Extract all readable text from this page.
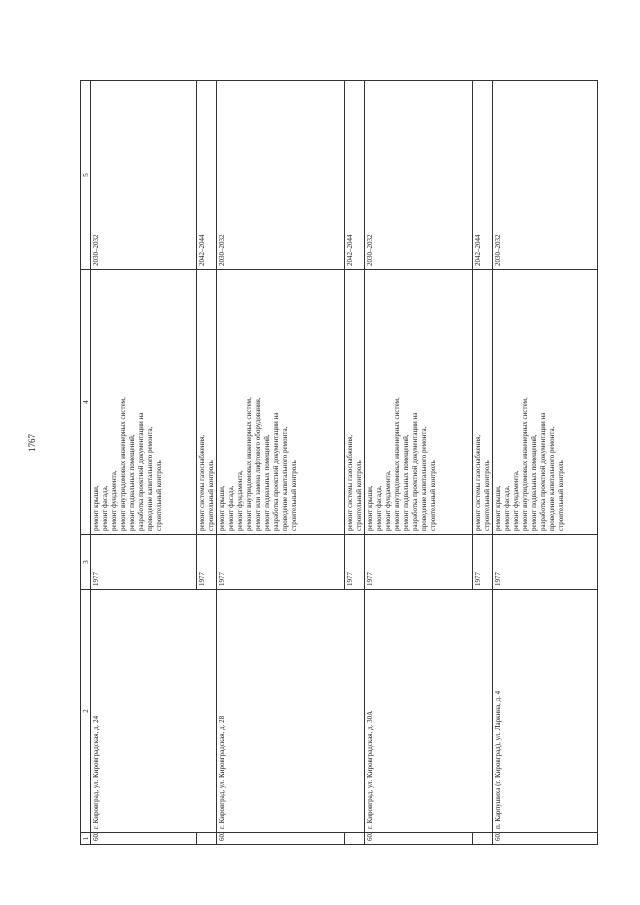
1767
1
2
3
4
5
6022.
г. Кировград, ул. Кировградская, д. 24
1977
ремонт крыши, ремонт фасада, ремонт фундамента, ремонт внутридомовых инженерных систем, ремонт подвальных помещений, разработка проектной документации на проведение капитального ремонта, строительный контроль
2030–2032
1977
ремонт системы газоснабжения, строительный контроль
2042–2044
6023.
г. Кировград, ул. Кировградская, д. 28
1977
ремонт крыши, ремонт фасада, ремонт фундамента, ремонт внутридомовых инженерных систем, ремонт или замена лифтового оборудования, ремонт подвальных помещений, разработка проектной документации на проведение капитального ремонта, строительный контроль
2030–2032
1977
ремонт системы газоснабжения, строительный контроль
2042–2044
6024.
г. Кировград, ул. Кировградская, д. 30А
1977
ремонт крыши, ремонт фасада, ремонт фундамента, ремонт внутридомовых инженерных систем, ремонт подвальных помещений, разработка проектной документации на проведение капитального ремонта, строительный контроль
2030–2032
1977
ремонт системы газоснабжения, строительный контроль
2042–2044
6025.
п. Карпушиха (г. Кировград), ул. Ларкина, д. 4
1977
ремонт крыши, ремонт фасада, ремонт фундамента, ремонт внутридомовых инженерных систем, ремонт подвальных помещений, разработка проектной документации на проведение капитального ремонта, строительный контроль
2030–2032
